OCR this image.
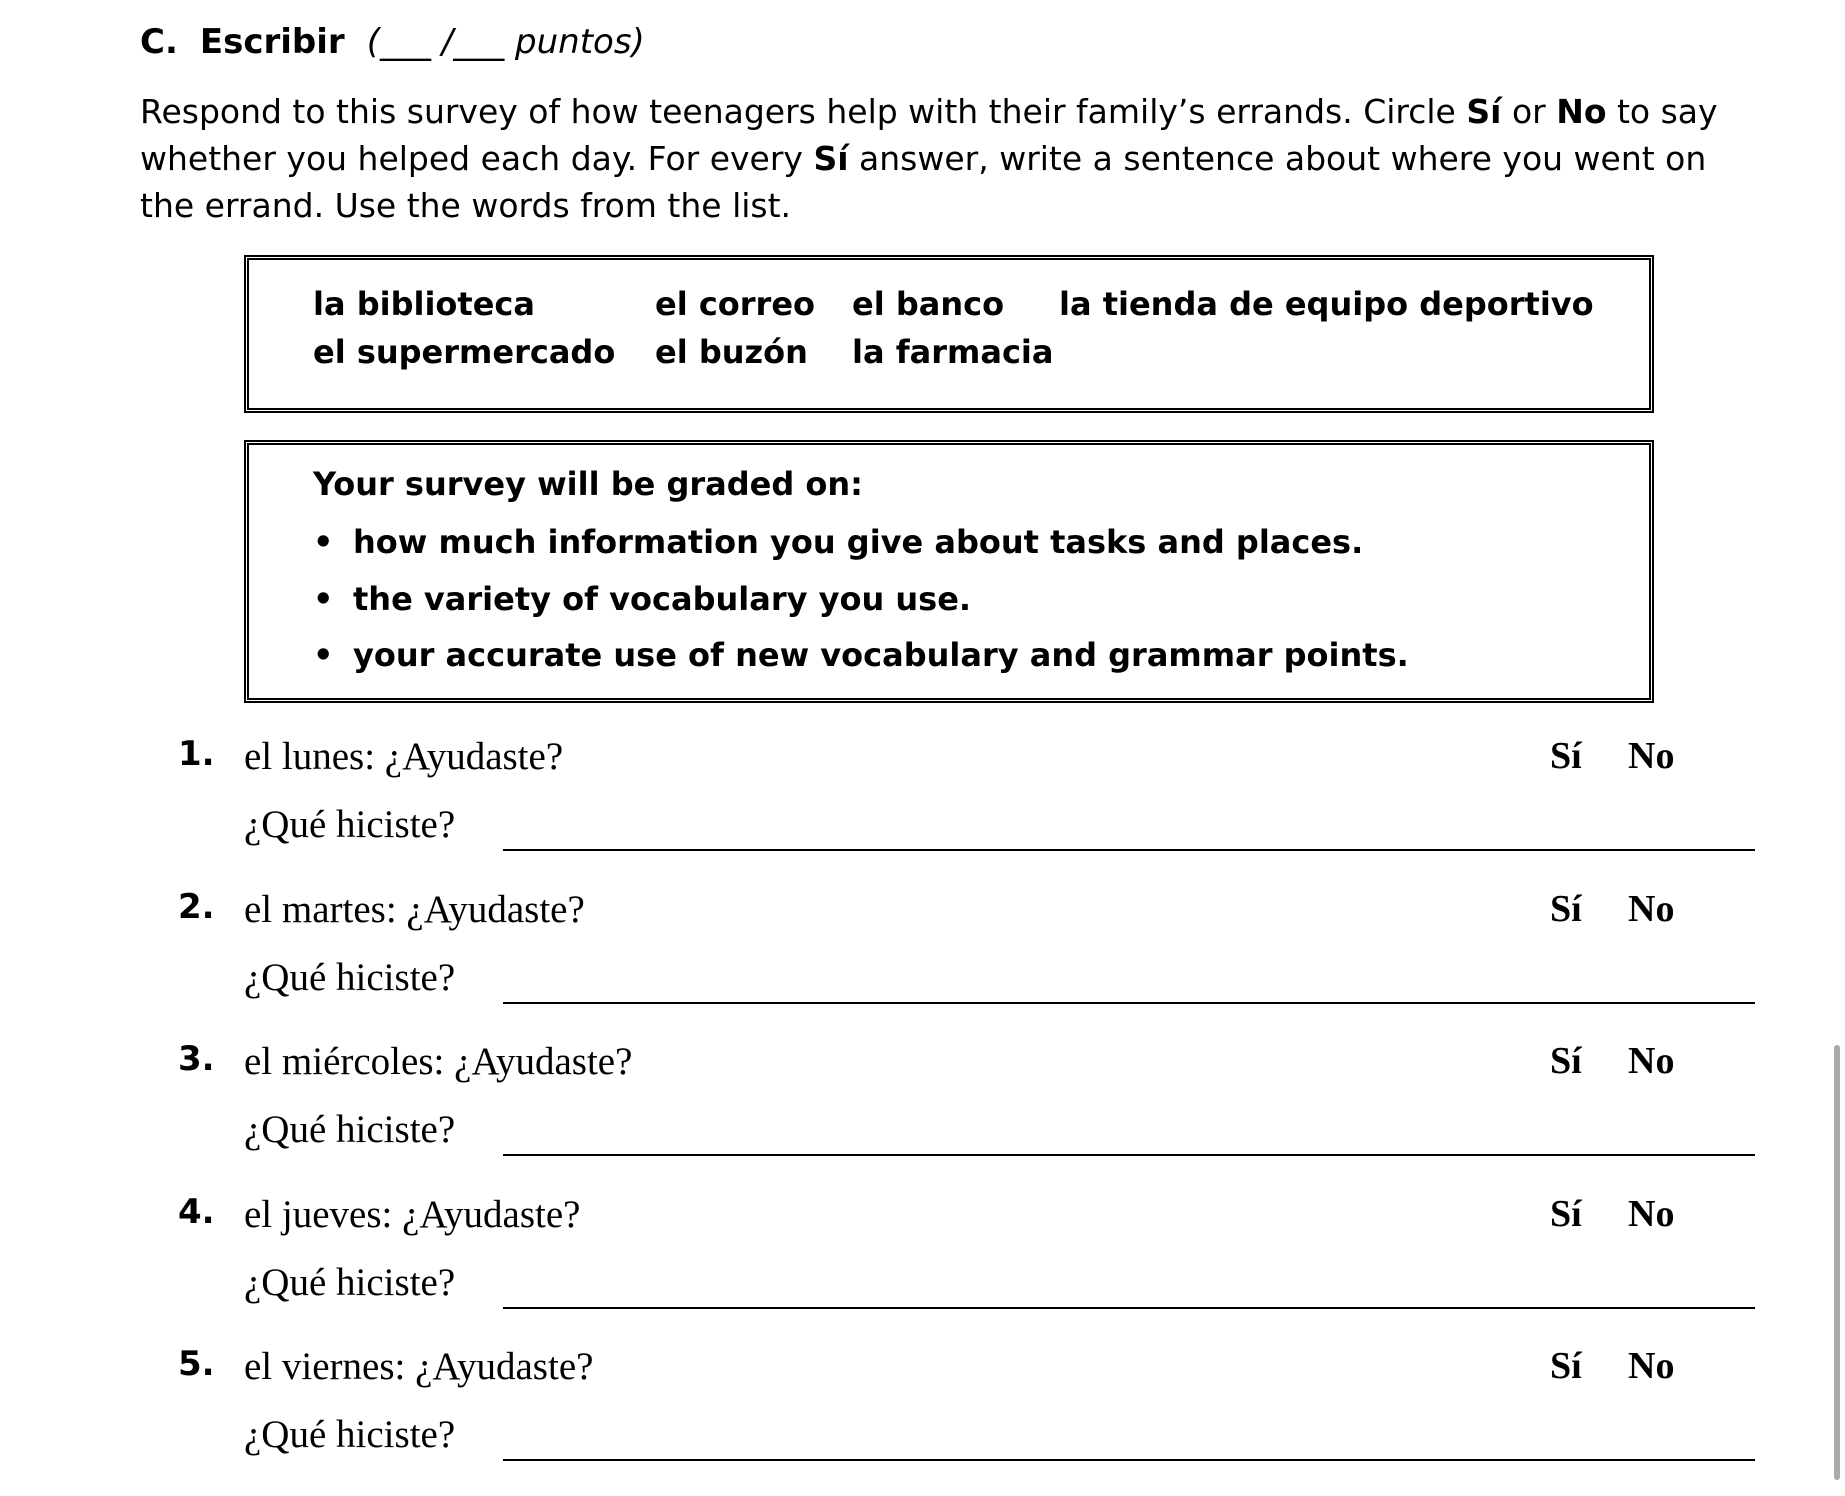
C. Escribir (___ /___ puntos)
Respond to this survey of how teenagers help with their family’s errands. Circle Sí or No to say whether you helped each day. For every Sí answer, write a sentence about where you went on the errand. Use the words from the list.
la biblioteca	el correo el banco la tienda de equipo deportivo
el supermercado el buzón la farmacia
Your survey will be graded on:
• how much information you give about tasks and places.
• the variety of vocabulary you use.
• your accurate use of new vocabulary and grammar points.
1. el lunes: ¿Ayudaste?	Sí No
¿Qué hiciste?
2. el martes: ¿Ayudaste?	Sí No
¿Qué hiciste?
3. el miércoles: ¿Ayudaste?	Sí No
¿Qué hiciste?
4. el jueves: ¿Ayudaste?	Sí No
¿Qué hiciste?
5. el viernes: ¿Ayudaste?	Sí No
¿Qué hiciste?
